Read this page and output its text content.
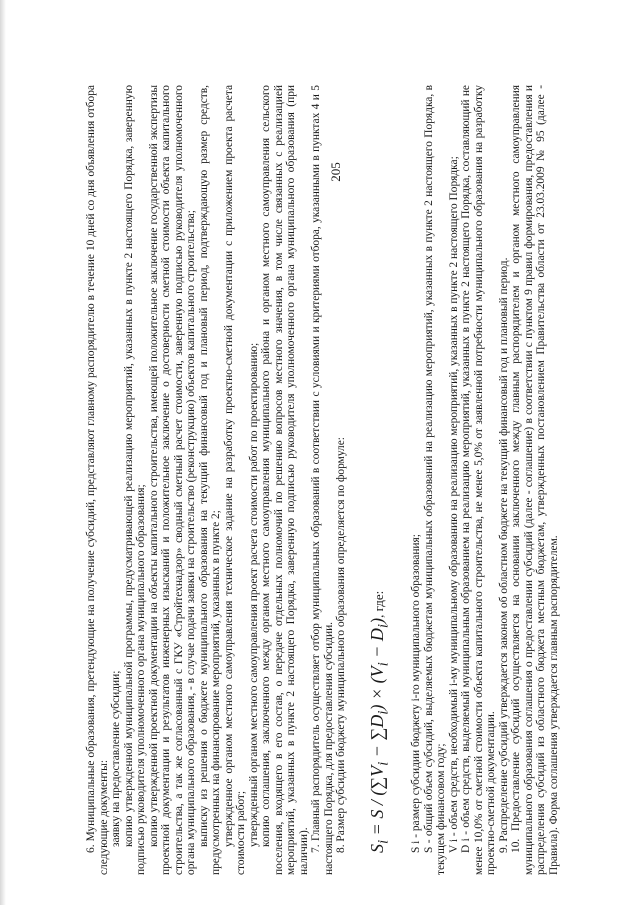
205

6. Муниципальные образования, претендующие на получение субсидий, представляют главному распорядителю в течение 10 дней со дня объявления отбора следующие документы: заявку на предоставление субсидии; копию утвержденной муниципальной программы, предусматривающей реализацию мероприятий, указанных в пункте 2 настоящего Порядка, заверенную подписью руководителя уполномоченного органа муниципального образования; копию утвержденной проектной документации на объекты капитального строительства, имеющей положительное заключение государственной экспертизы проектной документации и результатов инженерных изысканий и положительное заключение о достоверности сметной стоимости объекта капитального строительства, а так же согласованный с ГКУ «Стройтехнадзор» сводный сметный расчет стоимости, заверенную подписью руководителя уполномоченного органа муниципального образования, - в случае подачи заявки на строительство (реконструкцию) объектов капитального строительства; выписку из решения о бюджете муниципального образования на текущий финансовый год и плановый период, подтверждающую размер средств, предусмотренных на финансирование мероприятий, указанных в пункте 2; утвержденное органом местного самоуправления техническое задание на разработку проектно-сметной документации с приложением проекта расчета стоимости работ; утвержденный органом местного самоуправления проект расчета стоимости работ по проектированию; копию соглашения, заключенного между органом местного самоуправления муниципального района и органом местного самоуправления сельского поселения, входящего в его состав, о передаче отдельных полномочий по решению вопросов местного значения, в том числе связанных с реализацией мероприятий, указанных в пункте 2 настоящего Порядка, заверенную подписью руководителя уполномоченного органа муниципального образования (при наличии). 7. Главный распорядитель осуществляет отбор муниципальных образований в соответствии с условиями и критериями отбора, указанными в пунктах 4 и 5 настоящего Порядка, для предоставления субсидии. 8. Размер субсидии бюджету муниципального образования определяется по формуле: $S_i = S / (\sum V_i - \sum D_i) \times (V_i - D_i)$, где:	S i - размер субсидии бюджету i-го муниципального образования; S - общий объем субсидий, выделяемых бюджетам муниципальных образований на реализацию мероприятий, указанных в пункте 2 настоящего Порядка, в текущем финансовом году; V i - объем средств, необходимый i-му муниципальному образованию на реализацию мероприятий, указанных в пункте 2 настоящего Порядка; D i - объем средств, выделяемый муниципальным образованием на реализацию мероприятий, указанных в пункте 2 настоящего Порядка, составляющий не менее 10,0% от сметной стоимости объекта капитального строительства, не менее 5,0% от заявленной потребности муниципального образования на разработку проектно-сметной документации. 9. Распределение субсидий утверждается законом об областном бюджете на текущий финансовый год и плановый период. 10. Предоставление субсидий осуществляется на основании заключенного между главным распорядителем и органом местного самоуправления муниципального образования соглашения о предоставлении субсидий (далее - соглашение) в соответствии с пунктом 9 правил формирования, предоставления и распределения субсидий из областного бюджета местным бюджетам, утвержденных постановлением Правительства области от 23.03.2009 № 95 (далее - Правила). Форма соглашения утверждается главным распорядителем.
